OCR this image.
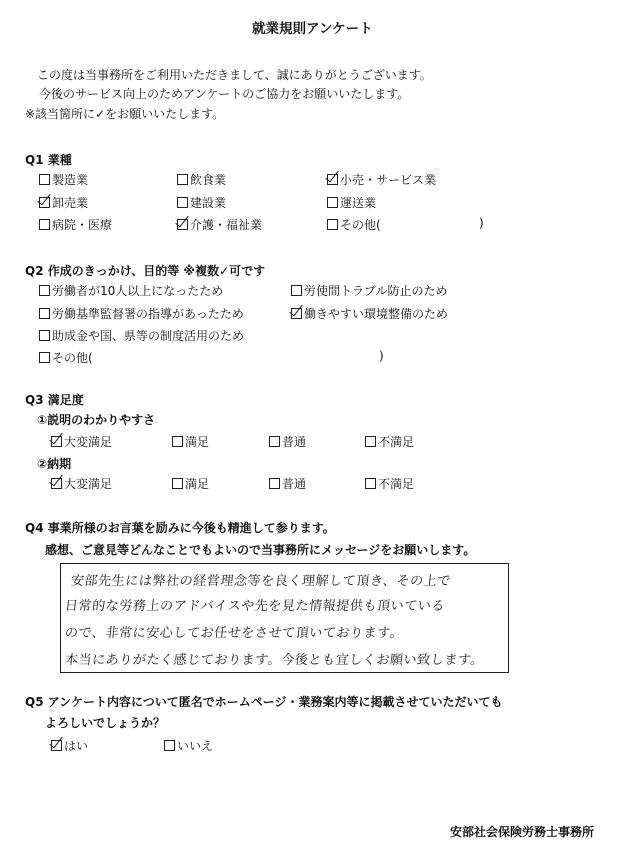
就業規則アンケート
この度は当事務所をご利用いただきまして、誠にありがとうございます。
今後のサービス向上のためアンケートのご協力をお願いいたします。
※該当箇所に✓をお願いいたします。
Q1 業種
製造業	飲食業	小売・サービス業
卸売業	建設業	運送業
病院・医療	介護・福祉業	その他(	)
Q2 作成のきっかけ、目的等 ※複数✓可です
労働者が10人以上になったため	労使間トラブル防止のため
労働基準監督署の指導があったため	働きやすい環境整備のため
助成金や国、県等の制度活用のため
その他(	)
Q3 満足度
①説明のわかりやすさ
大変満足	満足	普通	不満足
②納期
大変満足	満足	普通	不満足
Q4 事業所様のお言葉を励みに今後も精進して参ります。
感想、ご意見等どんなことでもよいので当事務所にメッセージをお願いします。
安部先生には弊社の経営理念等を良く理解して頂き、その上で
日常的な労務上のアドバイスや先を見た情報提供も頂いている
ので、非常に安心してお任せをさせて頂いております。
本当にありがたく感じております。今後とも宜しくお願い致します。
Q5 アンケート内容について匿名でホームページ・業務案内等に掲載させていただいても
よろしいでしょうか？
はい	いいえ
安部社会保険労務士事務所
